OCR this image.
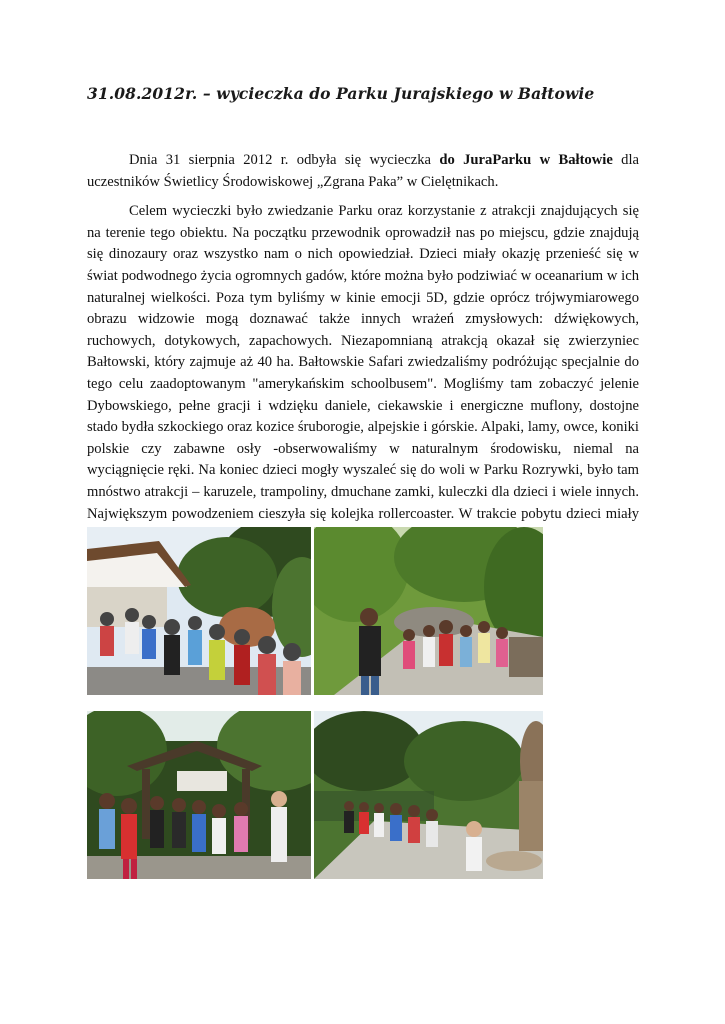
31.08.2012r. – wycieczka do Parku Jurajskiego w Bałtowie

Dnia 31 sierpnia 2012 r. odbyła się wycieczka do JuraParku w Bałtowie dla uczestników Świetlicy Środowiskowej „Zgrana Paka” w Cielętnikach.

Celem wycieczki było zwiedzanie Parku oraz korzystanie z atrakcji znajdujących się na terenie tego obiektu. Na początku przewodnik oprowadził nas po miejscu, gdzie znajdują się dinozaury oraz wszystko nam o nich opowiedział. Dzieci miały okazję przenieść się w świat podwodnego życia ogromnych gadów, które można było podziwiać w oceanarium w ich naturalnej wielkości. Poza tym byliśmy w kinie emocji 5D, gdzie oprócz trójwymiarowego obrazu widzowie mogą doznawać także innych wrażeń zmysłowych: dźwiękowych, ruchowych, dotykowych, zapachowych. Niezapomnianą atrakcją okazał się zwierzyniec Bałtowski, który zajmuje aż 40 ha. Bałtowskie Safari zwiedzaliśmy podróżując specjalnie do tego celu zaadoptowanym "amerykańskim schoolbusem". Mogliśmy tam zobaczyć jelenie Dybowskiego, pełne gracji i wdzięku daniele, ciekawskie i energiczne muflony, dostojne stado bydła szkockiego oraz kozice śruborogie, alpejskie i górskie. Alpaki, lamy, owce, koniki polskie czy zabawne osły -obserwowaliśmy w naturalnym środowisku, niemal na wyciągnięcie ręki. Na koniec dzieci mogły wyszaleć się do woli w Parku Rozrywki, było tam mnóstwo atrakcji – karuzele, trampoliny, dmuchane zamki, kuleczki dla dzieci i wiele innych. Największym powodzeniem cieszyła się kolejka rollercoaster. W trakcie pobytu dzieci miały
